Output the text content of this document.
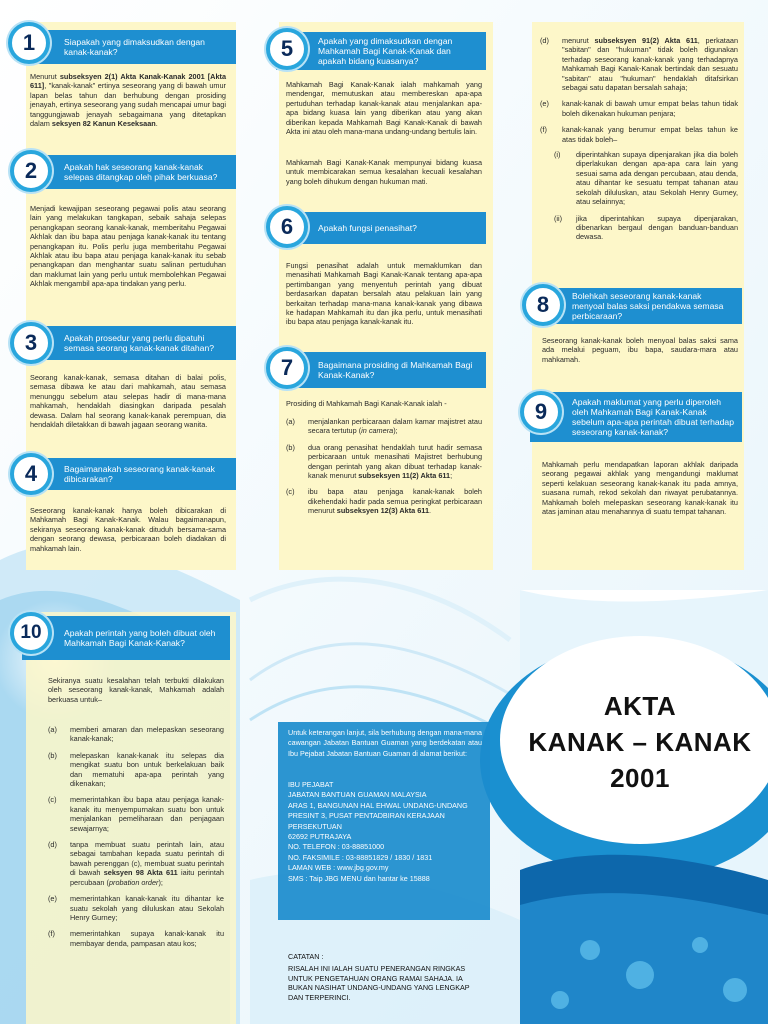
Siapakah yang dimaksudkan dengan kanak-kanak?
1
Menurut subseksyen 2(1) Akta Kanak-Kanak 2001 [Akta 611], "kanak-kanak" ertinya seseorang yang di bawah umur lapan belas tahun dan berhubung dengan prosiding jenayah, ertinya seseorang yang sudah mencapai umur bagi tanggungjawab jenayah sebagaimana yang ditetapkan dalam seksyen 82 Kanun Keseksaan.
Apakah hak seseorang kanak-kanak selepas ditangkap oleh pihak berkuasa?
2
Menjadi kewajipan seseorang pegawai polis atau seorang lain yang melakukan tangkapan, sebaik sahaja selepas penangkapan seorang kanak-kanak, memberitahu Pegawai Akhlak dan ibu bapa atau penjaga kanak-kanak itu tentang penangkapan itu. Polis perlu juga memberitahu Pegawai Akhlak atau ibu bapa atau penjaga kanak-kanak itu sebab penangkapan dan menghantar suatu salinan pertuduhan dan maklumat lain yang perlu untuk membolehkan Pegawai Akhlak mengambil apa-apa tindakan yang perlu.
Apakah prosedur yang perlu dipatuhi semasa seorang kanak-kanak ditahan?
3
Seorang kanak-kanak, semasa ditahan di balai polis, semasa dibawa ke atau dari mahkamah, atau semasa menunggu sebelum atau selepas hadir di mana-mana mahkamah, hendaklah diasingkan daripada pesalah dewasa. Dalam hal seorang kanak-kanak perempuan, dia hendaklah diletakkan di bawah jagaan seorang wanita.
Bagaimanakah seseorang kanak-kanak dibicarakan?
4
Seseorang kanak-kanak hanya boleh dibicarakan di Mahkamah Bagi Kanak-Kanak. Walau bagaimanapun, sekiranya seseorang kanak-kanak dituduh bersama-sama dengan seorang dewasa, perbicaraan boleh diadakan di mahkamah lain.
Apakah yang dimaksudkan dengan Mahkamah Bagi Kanak-Kanak dan apakah bidang kuasanya?
5
Mahkamah Bagi Kanak-Kanak ialah mahkamah yang mendengar, memutuskan atau membereskan apa-apa pertuduhan terhadap kanak-kanak atau menjalankan apa-apa bidang kuasa lain yang diberikan atau yang akan diberikan kepada Mahkamah Bagi Kanak-Kanak di bawah Akta ini atau oleh mana-mana undang-undang bertulis lain.
Mahkamah Bagi Kanak-Kanak mempunyai bidang kuasa untuk membicarakan semua kesalahan kecuali kesalahan yang boleh dihukum dengan hukuman mati.
Apakah fungsi penasihat?
6
Fungsi penasihat adalah untuk memaklumkan dan menasihati Mahkamah Bagi Kanak-Kanak tentang apa-apa pertimbangan yang menyentuh perintah yang dibuat berdasarkan dapatan bersalah atau pelakuan lain yang berkaitan terhadap mana-mana kanak-kanak yang dibawa ke hadapan Mahkamah itu dan jika perlu, untuk menasihati ibu bapa atau penjaga kanak-kanak itu.
Bagaimana prosiding di Mahkamah Bagi Kanak-Kanak?
7
Prosiding di Mahkamah Bagi Kanak-Kanak ialah -
(a)	menjalankan perbicaraan dalam kamar majistret atau secara tertutup (in camera);
(b)	dua orang penasihat hendaklah turut hadir semasa perbicaraan untuk menasihati Majistret berhubung dengan perintah yang akan dibuat terhadap kanak-kanak menurut subseksyen 11(2) Akta 611;
(c)	ibu bapa atau penjaga kanak-kanak boleh dikehendaki hadir pada semua peringkat perbicaraan menurut subseksyen 12(3) Akta 611.
(d)	menurut subseksyen 91(2) Akta 611, perkataan "sabitan" dan "hukuman" tidak boleh digunakan terhadap seseorang kanak-kanak yang terhadapnya Mahkamah Bagi Kanak-Kanak bertindak dan sesuatu "sabitan" atau "hukuman" hendaklah ditafsirkan sebagai satu dapatan bersalah sahaja;
(e)	kanak-kanak di bawah umur empat belas tahun tidak boleh dikenakan hukuman penjara;
(f)	kanak-kanak yang berumur empat belas tahun ke atas tidak boleh–
(i)	diperintahkan supaya dipenjarakan jika dia boleh diperlakukan dengan apa-apa cara lain yang sesuai sama ada dengan percubaan, atau denda, atau dihantar ke sesuatu tempat tahanan atau sekolah diluluskan, atau Sekolah Henry Gurney, atau selainnya;
(ii)	jika diperintahkan supaya dipenjarakan, dibenarkan bergaul dengan banduan-banduan dewasa.
Bolehkah seseorang kanak-kanak menyoal balas saksi pendakwa semasa perbicaraan?
8
Seseorang kanak-kanak boleh menyoal balas saksi sama ada melalui peguam, ibu bapa, saudara-mara atau mahkamah.
Apakah maklumat yang perlu diperoleh oleh Mahkamah Bagi Kanak-Kanak sebelum apa-apa perintah dibuat terhadap seseorang kanak-kanak?
9
Mahkamah perlu mendapatkan laporan akhlak daripada seorang pegawai akhlak yang mengandungi maklumat seperti kelakuan seseorang kanak-kanak itu pada amnya, suasana rumah, rekod sekolah dan riwayat perubatannya. Mahkamah boleh melepaskan seseorang kanak-kanak itu atas jaminan atau menahannya di suatu tempat tahanan.
Apakah perintah yang boleh dibuat oleh Mahkamah Bagi Kanak-Kanak?
10
Sekiranya suatu kesalahan telah terbukti dilakukan oleh seseorang kanak-kanak, Mahkamah adalah berkuasa untuk–
(a)	memberi amaran dan melepaskan seseorang kanak-kanak;
(b)	melepaskan kanak-kanak itu selepas dia mengikat suatu bon untuk berkelakuan baik dan mematuhi apa-apa perintah yang dikenakan;
(c)	memerintahkan ibu bapa atau penjaga kanak-kanak itu menyempurnakan suatu bon untuk menjalankan pemeliharaan dan penjagaan sewajarnya;
(d)	tanpa membuat suatu perintah lain, atau sebagai tambahan kepada suatu perintah di bawah perenggan (c), membuat suatu perintah di bawah seksyen 98 Akta 611 iaitu perintah percubaan (probation order);
(e)	memerintahkan kanak-kanak itu dihantar ke suatu sekolah yang diluluskan atau Sekolah Henry Gurney;
(f)	memerintahkan supaya kanak-kanak itu membayar denda, pampasan atau kos;
Untuk keterangan lanjut, sila berhubung dengan mana-mana cawangan Jabatan Bantuan Guaman yang berdekatan atau Ibu Pejabat Jabatan Bantuan Guaman di alamat berikut:
IBU PEJABAT
JABATAN BANTUAN GUAMAN MALAYSIA
ARAS 1, BANGUNAN HAL EHWAL UNDANG-UNDANG
PRESINT 3, PUSAT PENTADBIRAN KERAJAAN PERSEKUTUAN
62692 PUTRAJAYA
NO. TELEFON : 03-88851000
NO. FAKSIMILE : 03-88851829 / 1830 / 1831
LAMAN WEB : www.jbg.gov.my
SMS : Taip JBG MENU dan hantar ke 15888
CATATAN :
RISALAH INI IALAH SUATU PENERANGAN RINGKAS UNTUK PENGETAHUAN ORANG RAMAI SAHAJA. IA BUKAN NASIHAT UNDANG-UNDANG YANG LENGKAP DAN TERPERINCI.
AKTA
KANAK – KANAK
2001
